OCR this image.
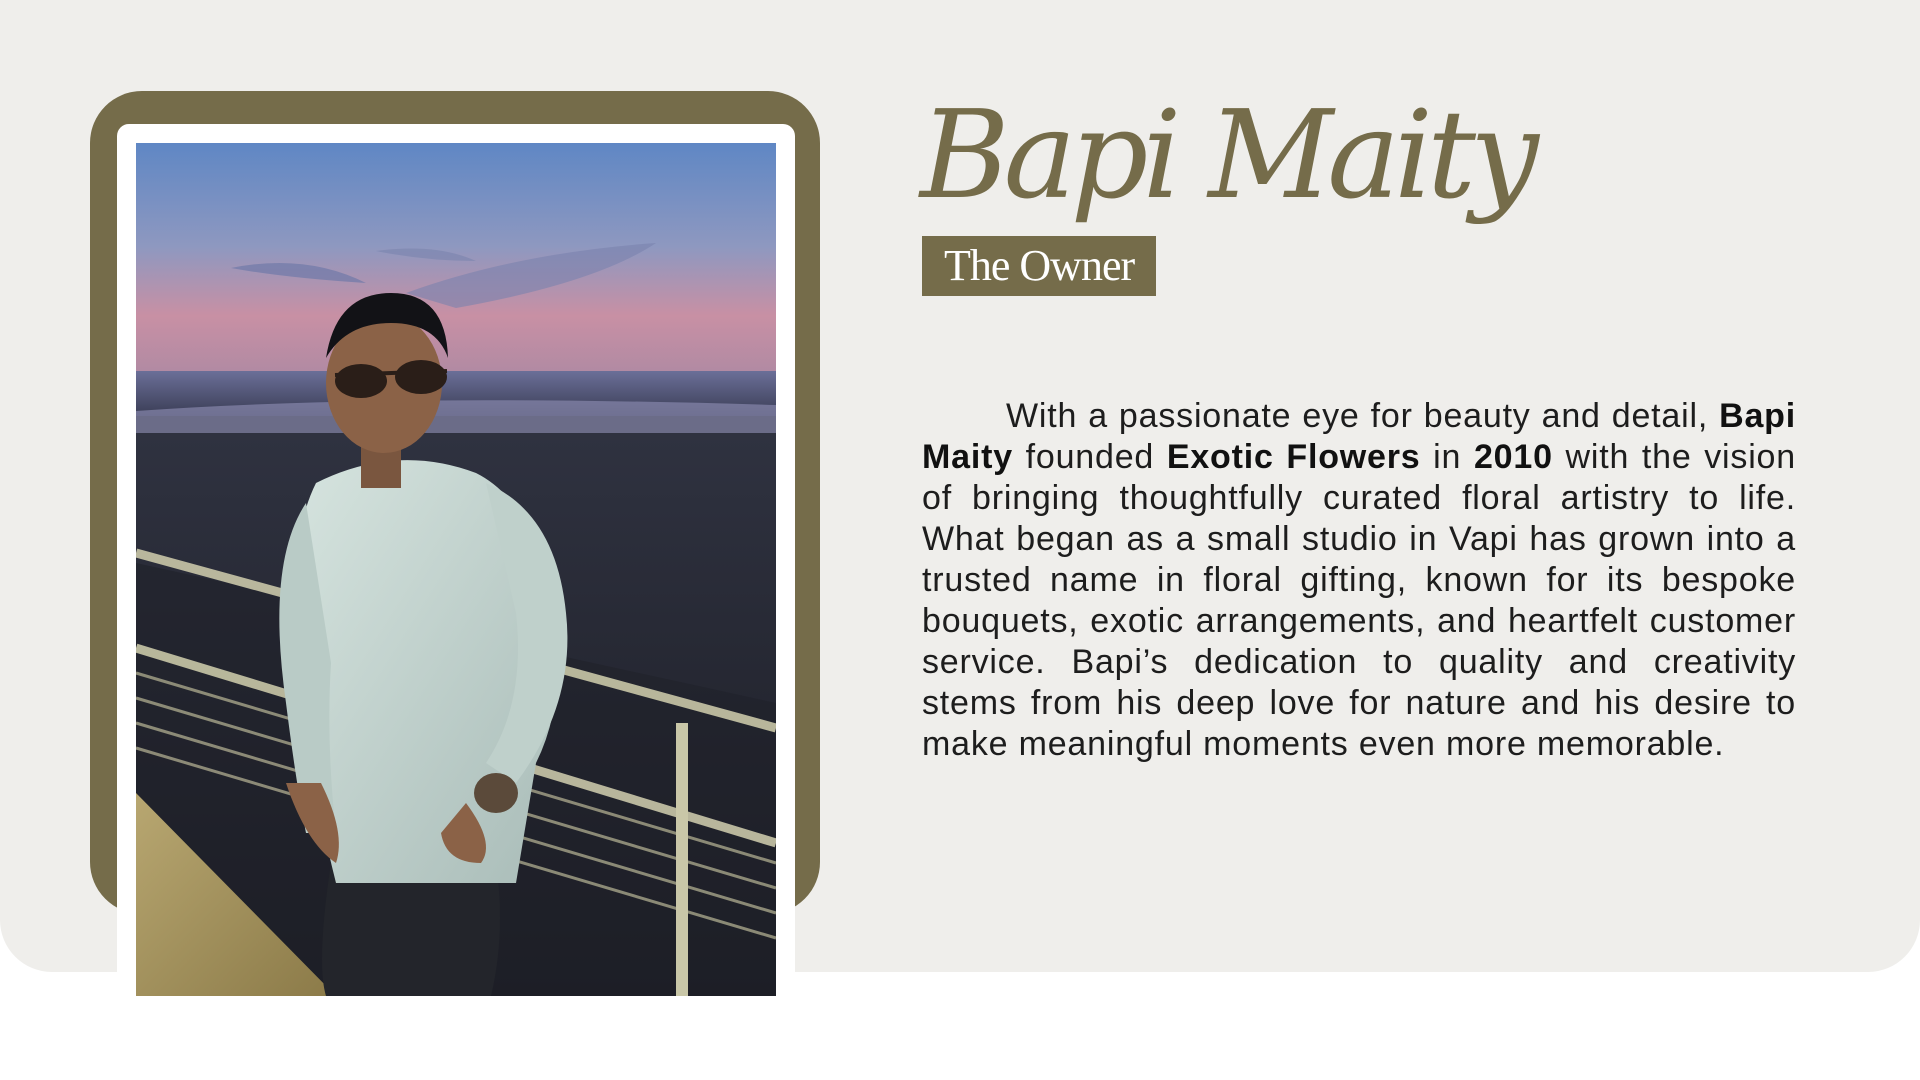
Bapi Maity
The Owner

With a passionate eye for beauty and detail, Bapi Maity founded Exotic Flowers in 2010 with the vision of bringing thoughtfully curated floral artistry to life. What began as a small studio in Vapi has grown into a trusted name in floral gifting, known for its bespoke bouquets, exotic arrangements, and heartfelt customer service. Bapi’s dedication to quality and creativity stems from his deep love for nature and his desire to make meaningful moments even more memorable.
